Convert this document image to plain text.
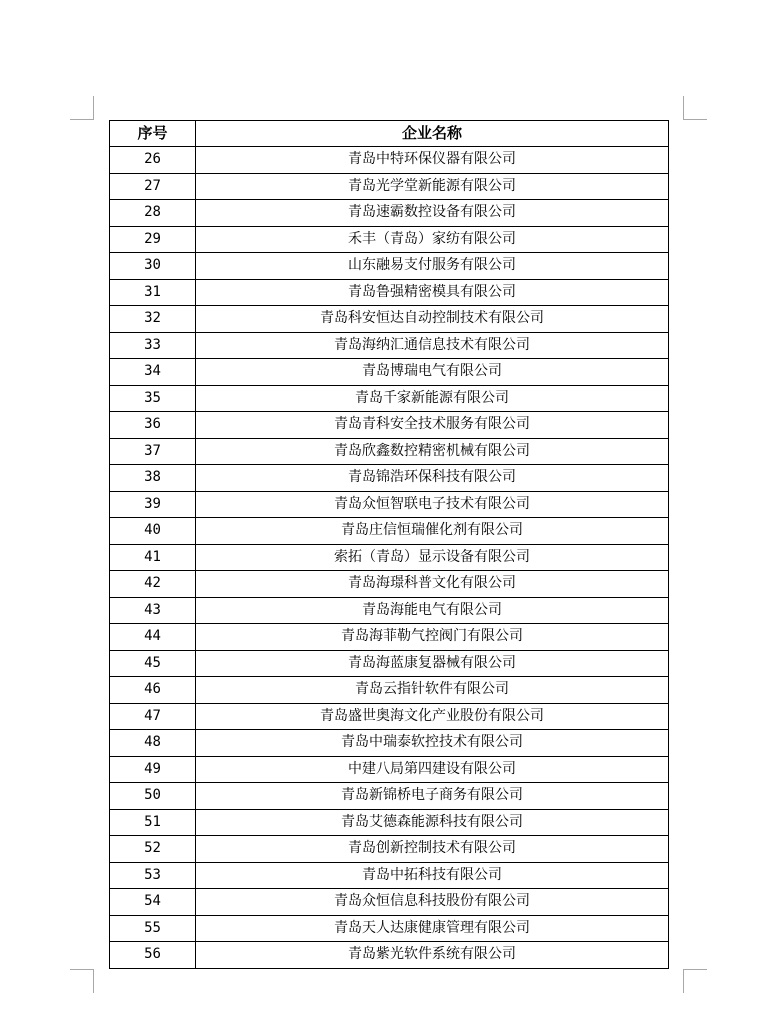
序号	企业名称
26	青岛中特环保仪器有限公司
27	青岛光学堂新能源有限公司
28	青岛速霸数控设备有限公司
29	禾丰（青岛）家纺有限公司
30	山东融易支付服务有限公司
31	青岛鲁强精密模具有限公司
32	青岛科安恒达自动控制技术有限公司
33	青岛海纳汇通信息技术有限公司
34	青岛博瑞电气有限公司
35	青岛千家新能源有限公司
36	青岛青科安全技术服务有限公司
37	青岛欣鑫数控精密机械有限公司
38	青岛锦浩环保科技有限公司
39	青岛众恒智联电子技术有限公司
40	青岛庄信恒瑞催化剂有限公司
41	索拓（青岛）显示设备有限公司
42	青岛海璟科普文化有限公司
43	青岛海能电气有限公司
44	青岛海菲勒气控阀门有限公司
45	青岛海蓝康复器械有限公司
46	青岛云指针软件有限公司
47	青岛盛世奥海文化产业股份有限公司
48	青岛中瑞泰软控技术有限公司
49	中建八局第四建设有限公司
50	青岛新锦桥电子商务有限公司
51	青岛艾德森能源科技有限公司
52	青岛创新控制技术有限公司
53	青岛中拓科技有限公司
54	青岛众恒信息科技股份有限公司
55	青岛天人达康健康管理有限公司
56	青岛紫光软件系统有限公司
